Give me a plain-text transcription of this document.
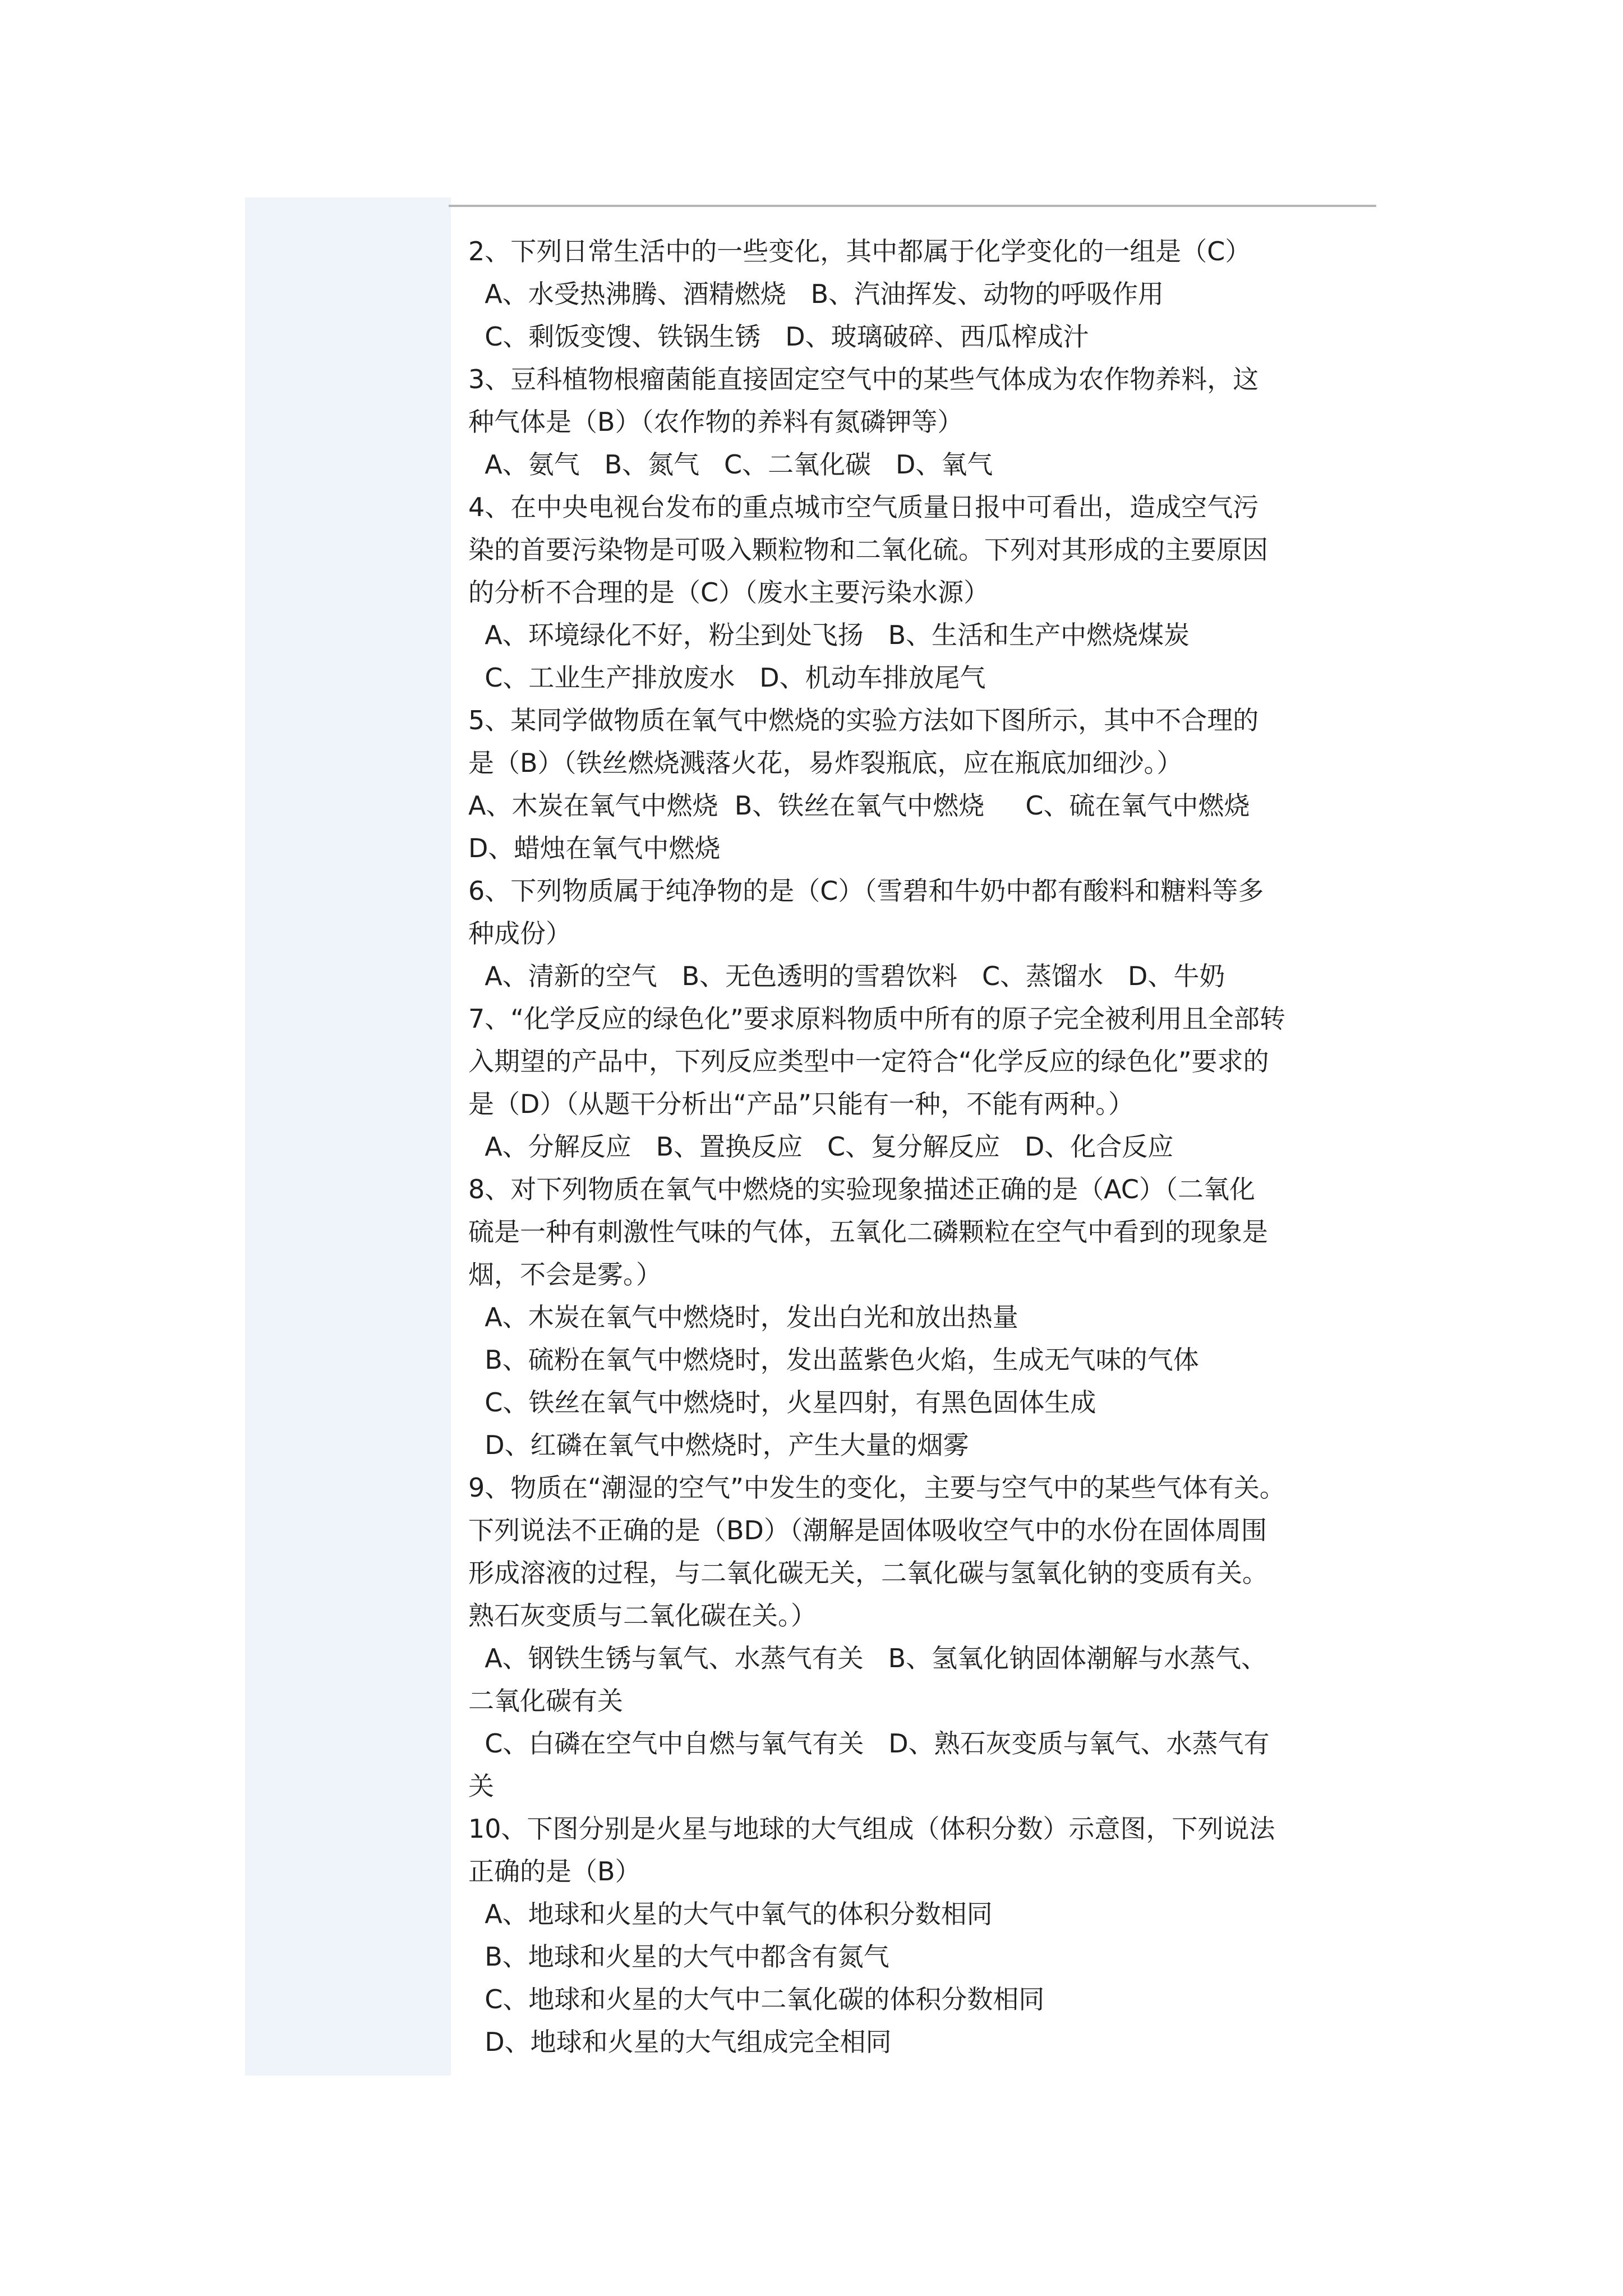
2、下列日常生活中的一些变化，其中都属于化学变化的一组是（C）
A、水受热沸腾、酒精燃烧   B、汽油挥发、动物的呼吸作用
C、剩饭变馊、铁锅生锈   D、玻璃破碎、西瓜榨成汁
3、豆科植物根瘤菌能直接固定空气中的某些气体成为农作物养料，这
种气体是（B）（农作物的养料有氮磷钾等）
A、氨气   B、氮气   C、二氧化碳   D、氧气
4、在中央电视台发布的重点城市空气质量日报中可看出，造成空气污
染的首要污染物是可吸入颗粒物和二氧化硫。下列对其形成的主要原因
的分析不合理的是（C）（废水主要污染水源）
A、环境绿化不好，粉尘到处飞扬   B、生活和生产中燃烧煤炭
C、工业生产排放废水   D、机动车排放尾气
5、某同学做物质在氧气中燃烧的实验方法如下图所示，其中不合理的
是（B）（铁丝燃烧溅落火花，易炸裂瓶底，应在瓶底加细沙。）
A、木炭在氧气中燃烧  B、铁丝在氧气中燃烧     C、硫在氧气中燃烧
D、蜡烛在氧气中燃烧
6、下列物质属于纯净物的是（C）（雪碧和牛奶中都有酸料和糖料等多
种成份）
A、清新的空气   B、无色透明的雪碧饮料   C、蒸馏水   D、牛奶
7、“化学反应的绿色化”要求原料物质中所有的原子完全被利用且全部转
入期望的产品中，下列反应类型中一定符合“化学反应的绿色化”要求的
是（D）（从题干分析出“产品”只能有一种，不能有两种。）
A、分解反应   B、置换反应   C、复分解反应   D、化合反应
8、对下列物质在氧气中燃烧的实验现象描述正确的是（AC）（二氧化
硫是一种有刺激性气味的气体，五氧化二磷颗粒在空气中看到的现象是
烟，不会是雾。）
A、木炭在氧气中燃烧时，发出白光和放出热量
B、硫粉在氧气中燃烧时，发出蓝紫色火焰，生成无气味的气体
C、铁丝在氧气中燃烧时，火星四射，有黑色固体生成
D、红磷在氧气中燃烧时，产生大量的烟雾
9、物质在“潮湿的空气”中发生的变化，主要与空气中的某些气体有关。
下列说法不正确的是（BD）（潮解是固体吸收空气中的水份在固体周围
形成溶液的过程，与二氧化碳无关，二氧化碳与氢氧化钠的变质有关。
熟石灰变质与二氧化碳在关。）
A、钢铁生锈与氧气、水蒸气有关   B、氢氧化钠固体潮解与水蒸气、
二氧化碳有关
C、白磷在空气中自燃与氧气有关   D、熟石灰变质与氧气、水蒸气有
关
10、下图分别是火星与地球的大气组成（体积分数）示意图，下列说法
正确的是（B）
A、地球和火星的大气中氧气的体积分数相同
B、地球和火星的大气中都含有氮气
C、地球和火星的大气中二氧化碳的体积分数相同
D、地球和火星的大气组成完全相同
